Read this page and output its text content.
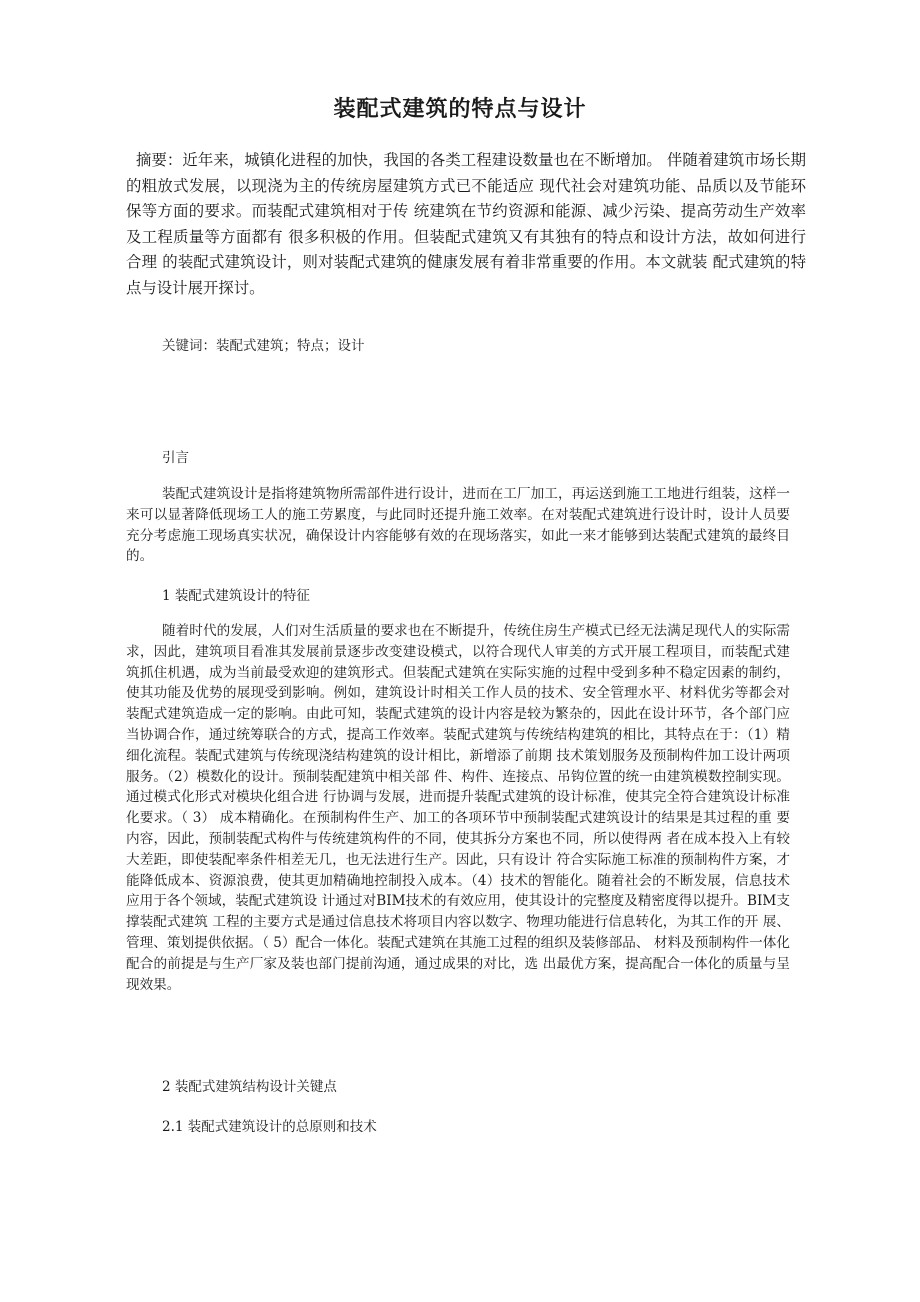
装配式建筑的特点与设计
摘要：近年来，城镇化进程的加快，我国的各类工程建设数量也在不断增加。 伴随着建筑市场长期的粗放式发展，以现浇为主的传统房屋建筑方式已不能适应 现代社会对建筑功能、品质以及节能环保等方面的要求。而装配式建筑相对于传 统建筑在节约资源和能源、减少污染、提高劳动生产效率及工程质量等方面都有 很多积极的作用。但装配式建筑又有其独有的特点和设计方法，故如何进行合理 的装配式建筑设计，则对装配式建筑的健康发展有着非常重要的作用。本文就装 配式建筑的特点与设计展开探讨。
关键词：装配式建筑；特点；设计
引言
装配式建筑设计是指将建筑物所需部件进行设计，进而在工厂加工，再运送到施工工地进行组装，这样一来可以显著降低现场工人的施工劳累度，与此同时还提升施工效率。在对装配式建筑进行设计时，设计人员要充分考虑施工现场真实状况，确保设计内容能够有效的在现场落实，如此一来才能够到达装配式建筑的最终目的。
1 装配式建筑设计的特征
随着时代的发展，人们对生活质量的要求也在不断提升，传统住房生产模式已经无法满足现代人的实际需求，因此，建筑项目看准其发展前景逐步改变建设模式，以符合现代人审美的方式开展工程项目，而装配式建筑抓住机遇，成为当前最受欢迎的建筑形式。但装配式建筑在实际实施的过程中受到多种不稳定因素的制约，使其功能及优势的展现受到影响。例如，建筑设计时相关工作人员的技术、安全管理水平、材料优劣等都会对装配式建筑造成一定的影响。由此可知，装配式建筑的设计内容是较为繁杂的，因此在设计环节，各个部门应当协调合作，通过统筹联合的方式，提高工作效率。装配式建筑与传统结构建筑的相比，其特点在于：（1）精细化流程。装配式建筑与传统现浇结构建筑的设计相比，新增添了前期 技术策划服务及预制构件加工设计两项服务。（2）模数化的设计。预制装配建筑中相关部 件、构件、连接点、吊钩位置的统一由建筑模数控制实现。通过模式化形式对模块化组合进 行协调与发展，进而提升装配式建筑的设计标准，使其完全符合建筑设计标准化要求。（ 3） 成本精确化。在预制构件生产、加工的各项环节中预制装配式建筑设计的结果是其过程的重 要内容，因此，预制装配式构件与传统建筑构件的不同，使其拆分方案也不同，所以使得两 者在成本投入上有较大差距，即使装配率条件相差无几，也无法进行生产。因此，只有设计 符合实际施工标准的预制构件方案，才能降低成本、资源浪费，使其更加精确地控制投入成本。（4）技术的智能化。随着社会的不断发展，信息技术应用于各个领域，装配式建筑设 计通过对BIM技术的有效应用，使其设计的完整度及精密度得以提升。BIM支撑装配式建筑 工程的主要方式是通过信息技术将项目内容以数字、物理功能进行信息转化，为其工作的开 展、管理、策划提供依据。（ 5）配合一体化。装配式建筑在其施工过程的组织及装修部品、 材料及预制构件一体化配合的前提是与生产厂家及装也部门提前沟通，通过成果的对比，选 出最优方案，提高配合一体化的质量与呈现效果。
2 装配式建筑结构设计关键点
2.1 装配式建筑设计的总原则和技术
